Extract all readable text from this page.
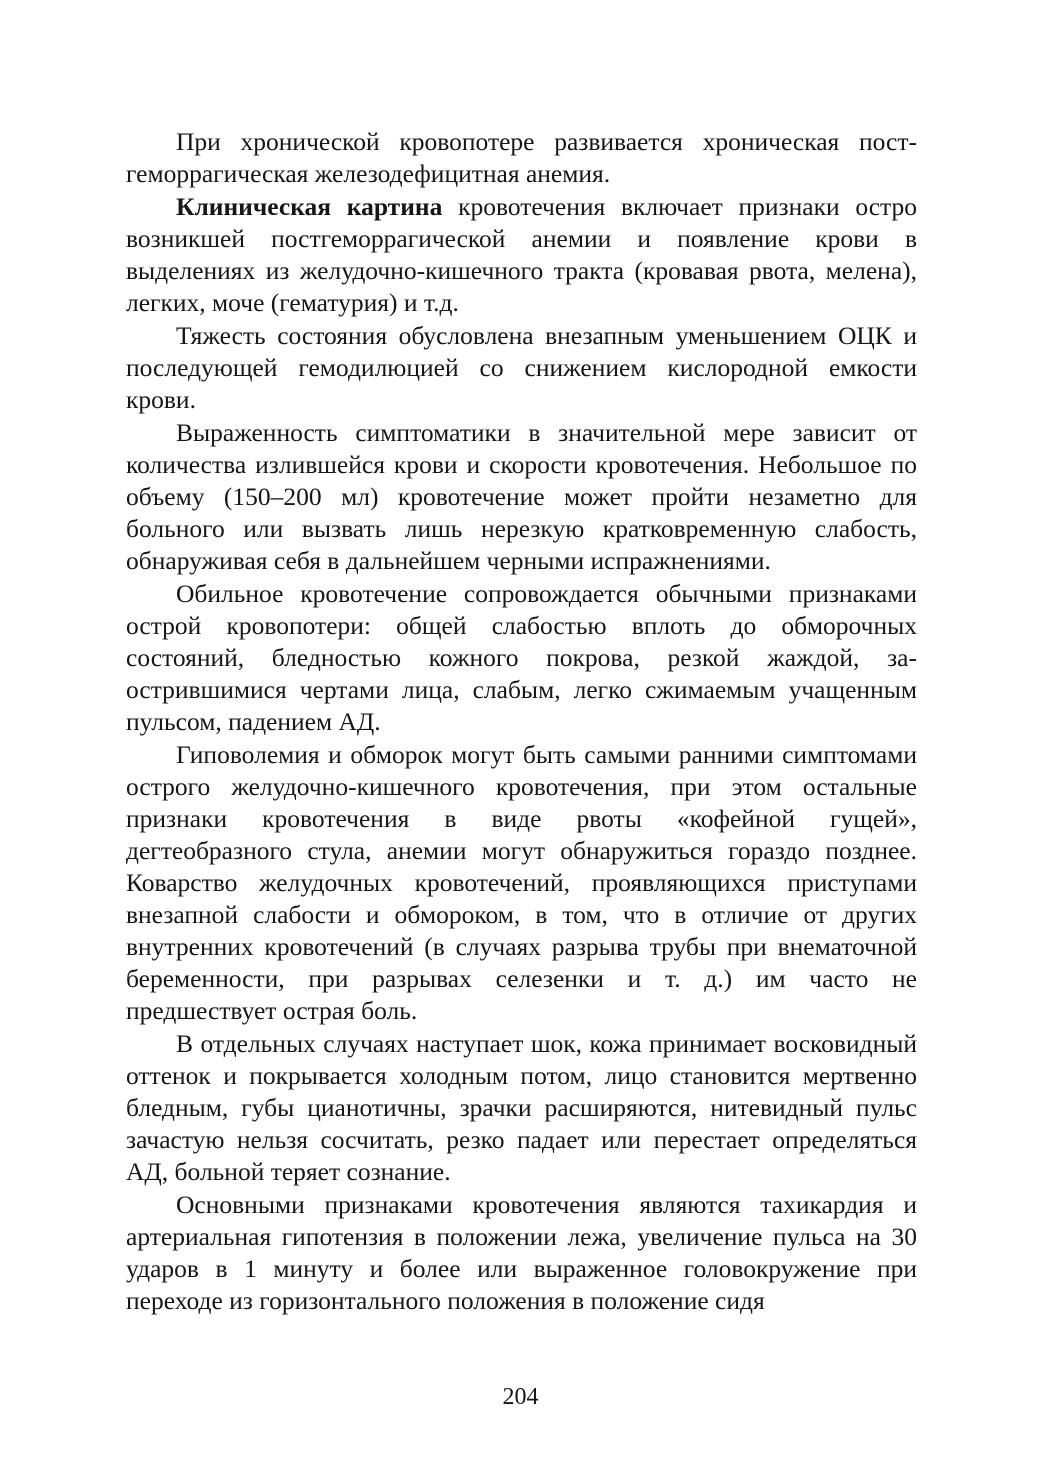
При хронической кровопотере развивается хроническая постгеморрагическая железодефицитная анемия.

Клиническая картина кровотечения включает признаки остро возникшей постгеморрагической анемии и появление крови в выделениях из желудочно-кишечного тракта (кровавая рвота, мелена), легких, моче (гематурия) и т.д.

Тяжесть состояния обусловлена внезапным уменьшением ОЦК и последующей гемодилюцией со снижением кислородной емкости крови.

Выраженность симптоматики в значительной мере зависит от количества излившейся крови и скорости кровотечения. Небольшое по объему (150–200 мл) кровотечение может пройти незаметно для больного или вызвать лишь нерезкую кратковременную слабость, обнаруживая себя в дальнейшем черными испражнениями.

Обильное кровотечение сопровождается обычными признаками острой кровопотери: общей слабостью вплоть до обморочных состояний, бледностью кожного покрова, резкой жаждой, заострившимися чертами лица, слабым, легко сжимаемым учащенным пульсом, падением АД.

Гиповолемия и обморок могут быть самыми ранними симптомами острого желудочно-кишечного кровотечения, при этом остальные признаки кровотечения в виде рвоты «кофейной гущей», дегтеобразного стула, анемии могут обнаружиться гораздо позднее. Коварство желудочных кровотечений, проявляющихся приступами внезапной слабости и обмороком, в том, что в отличие от других внутренних кровотечений (в случаях разрыва трубы при внематочной беременности, при разрывах селезенки и т. д.) им часто не предшествует острая боль.

В отдельных случаях наступает шок, кожа принимает восковидный оттенок и покрывается холодным потом, лицо становится мертвенно бледным, губы цианотичны, зрачки расширяются, нитевидный пульс зачастую нельзя сосчитать, резко падает или перестает определяться АД, больной теряет сознание.

Основными признаками кровотечения являются тахикардия и артериальная гипотензия в положении лежа, увеличение пульса на 30 ударов в 1 минуту и более или выраженное головокружение при переходе из горизонтального положения в положение сидя

204
